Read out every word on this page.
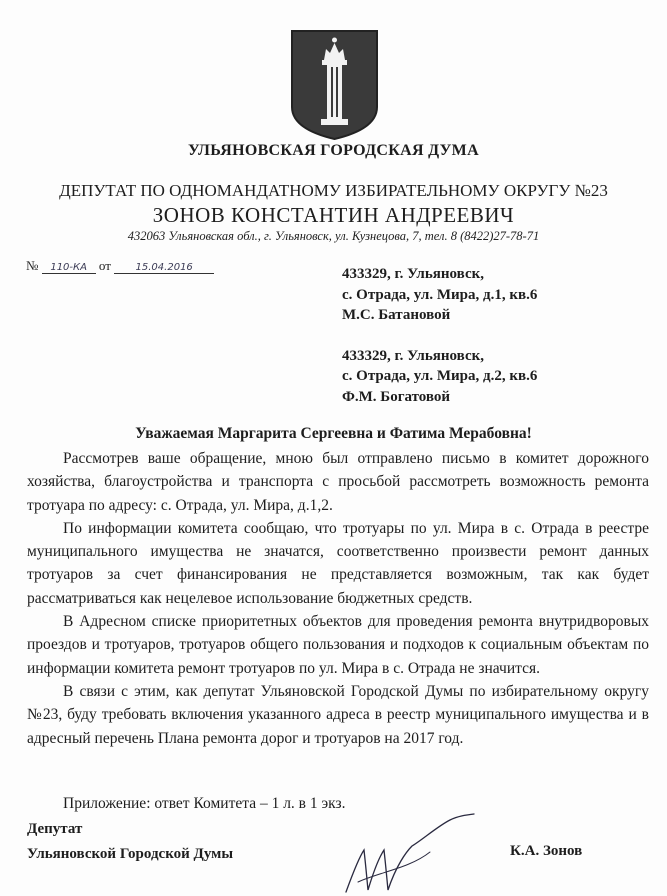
УЛЬЯНОВСКАЯ ГОРОДСКАЯ ДУМА
ДЕПУТАТ ПО ОДНОМАНДАТНОМУ ИЗБИРАТЕЛЬНОМУ ОКРУГУ №23
ЗОНОВ КОНСТАНТИН АНДРЕЕВИЧ
432063 Ульяновская обл., г. Ульяновск, ул. Кузнецова, 7, тел. 8 (8422)27-78-71
№ 110-КА от 15.04.2016	433329, г. Ульяновск,
с. Отрада, ул. Мира, д.1, кв.6
М.С. Батановой
433329, г. Ульяновск,
с. Отрада, ул. Мира, д.2, кв.6
Ф.М. Богатовой
Уважаемая Маргарита Сергеевна и Фатима Мерабовна!

Рассмотрев ваше обращение, мною был отправлено письмо в комитет дорожного хозяйства, благоустройства и транспорта с просьбой рассмотреть возможность ремонта тротуара по адресу: с. Отрада, ул. Мира, д.1,2.

По информации комитета сообщаю, что тротуары по ул. Мира в с. Отрада в реестре муниципального имущества не значатся, соответственно произвести ремонт данных тротуаров за счет финансирования не представляется возможным, так как будет рассматриваться как нецелевое использование бюджетных средств.

В Адресном списке приоритетных объектов для проведения ремонта внутридворовых проездов и тротуаров, тротуаров общего пользования и подходов к социальным объектам по информации комитета ремонт тротуаров по ул. Мира в с. Отрада не значится.

В связи с этим, как депутат Ульяновской Городской Думы по избирательному округу №23, буду требовать включения указанного адреса в реестр муниципального имущества и в адресный перечень Плана ремонта дорог и тротуаров на 2017 год.

Приложение: ответ Комитета – 1 л. в 1 экз.
Депутат
Ульяновской Городской Думы	К.А. Зонов
